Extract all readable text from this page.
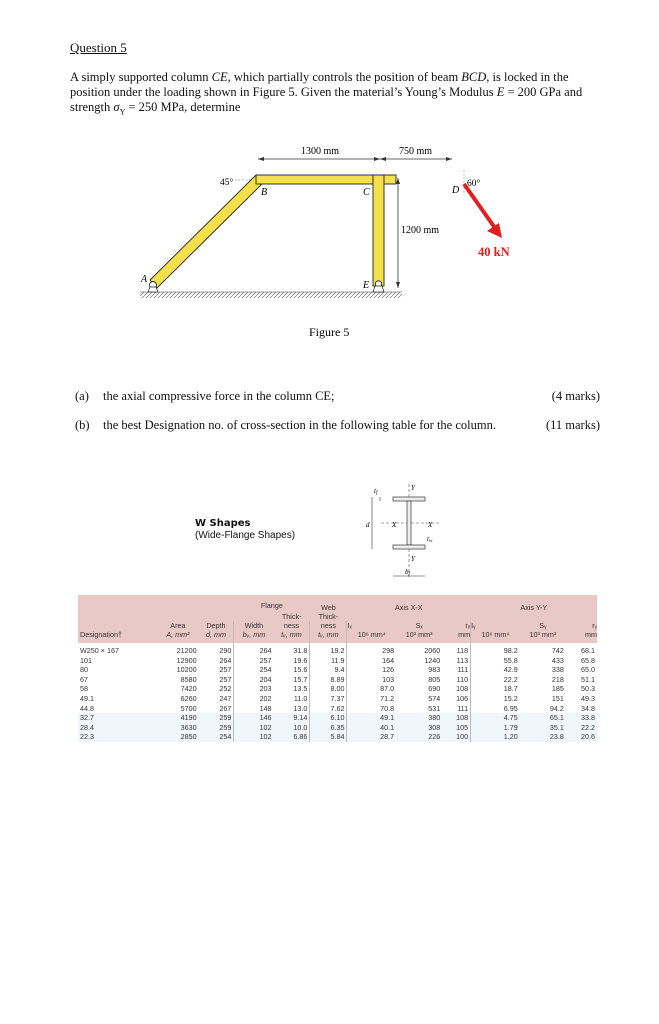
Question 5
A simply supported column CE, which partially controls the position of beam BCD, is locked in the position under the loading shown in Figure 5. Given the material’s Young’s Modulus E = 200 GPa and strength $\sigma_Y = 250$ MPa, determine
1300 mm	750 mm
1200 mm
45°	60°
40 kN
B	C	D
A
E
Figure 5
Y
X	X
Y
tf
d
tw
bf
(a) the axial compressive force in the column CE;	(4 marks)
(b) the best Designation no. of cross-section in the following table for the column.	(11 marks)
W Shapes
(Wide-Flange Shapes)
			Flange		Web	Axis X-X			Axis Y-Y		
				Thick-	Thick-						
	Area	Depth	Width	ness	ness	Iₓ	Sₓ	rₓ	Iᵧ	Sᵧ	rᵧ
Designation†	A, mm²	d, mm	bᵥ, mm	tᵥ, mm	tᵥ, mm	10⁶ mm⁴	10³ mm³	mm	10⁶ mm⁴	10³ mm³	mm
W250 × 167	21200	290	264	31.8	19.2	298	2060	118	98.2	742	68.1
101	12900	264	257	19.6	11.9	164	1240	113	55.8	433	65.8
80	10200	257	254	15.6	9.4	126	983	111	42.9	338	65.0
67	8580	257	204	15.7	8.89	103	805	110	22.2	218	51.1
58	7420	252	203	13.5	8.00	87.0	690	108	18.7	185	50.3
49.1	6260	247	202	11.0	7.37	71.2	574	106	15.2	151	49.3
44.8	5700	267	148	13.0	7.62	70.8	531	111	6.95	94.2	34.8
32.7	4190	259	146	9.14	6.10	49.1	380	108	4.75	65.1	33.8
28.4	3630	259	102	10.0	6.35	40.1	308	105	1.79	35.1	22.2
22.3	2850	254	102	6.86	5.84	28.7	226	100	1.20	23.8	20.6
